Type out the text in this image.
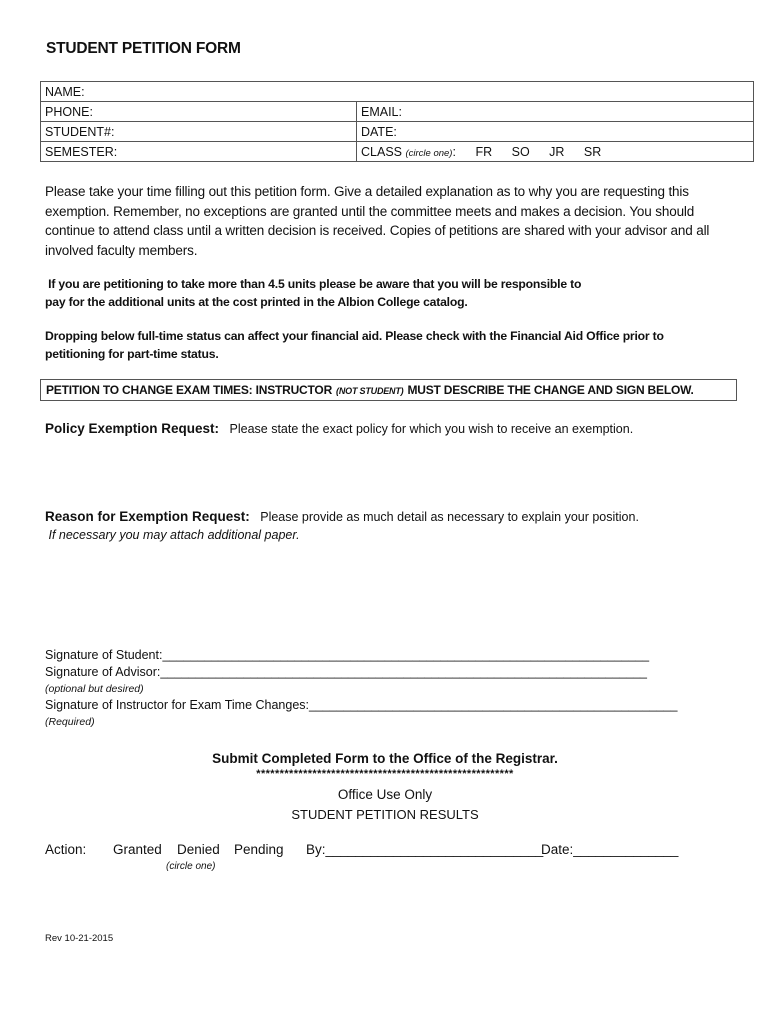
STUDENT PETITION FORM
NAME:	
PHONE:	EMAIL:
STUDENT#:	DATE:
SEMESTER:	CLASS (circle one): FR SO JR SR
Please take your time filling out this petition form. Give a detailed explanation as to why you are requesting this exemption. Remember, no exceptions are granted until the committee meets and makes a decision. You should continue to attend class until a written decision is received. Copies of petitions are shared with your advisor and all involved faculty members.
If you are petitioning to take more than 4.5 units please be aware that you will be responsible to
pay for the additional units at the cost printed in the Albion College catalog.
Dropping below full-time status can affect your financial aid. Please check with the Financial Aid Office prior to
petitioning for part-time status.
PETITION TO CHANGE EXAM TIMES: INSTRUCTOR (NOT STUDENT) MUST DESCRIBE THE CHANGE AND SIGN BELOW.
Policy Exemption Request: Please state the exact policy for which you wish to receive an exemption.
Reason for Exemption Request: Please provide as much detail as necessary to explain your position.
If necessary you may attach additional paper.
Signature of Student:______________________________________________________________________
Signature of Advisor:______________________________________________________________________
(optional but desired)
Signature of Instructor for Exam Time Changes:_____________________________________________________
(Required)
Submit Completed Form to the Office of the Registrar.
*******************************************************
Office Use Only
STUDENT PETITION RESULTS
Action: Granted Denied Pending By:_____________________________
Date:______________
(circle one)
Rev 10-21-2015
